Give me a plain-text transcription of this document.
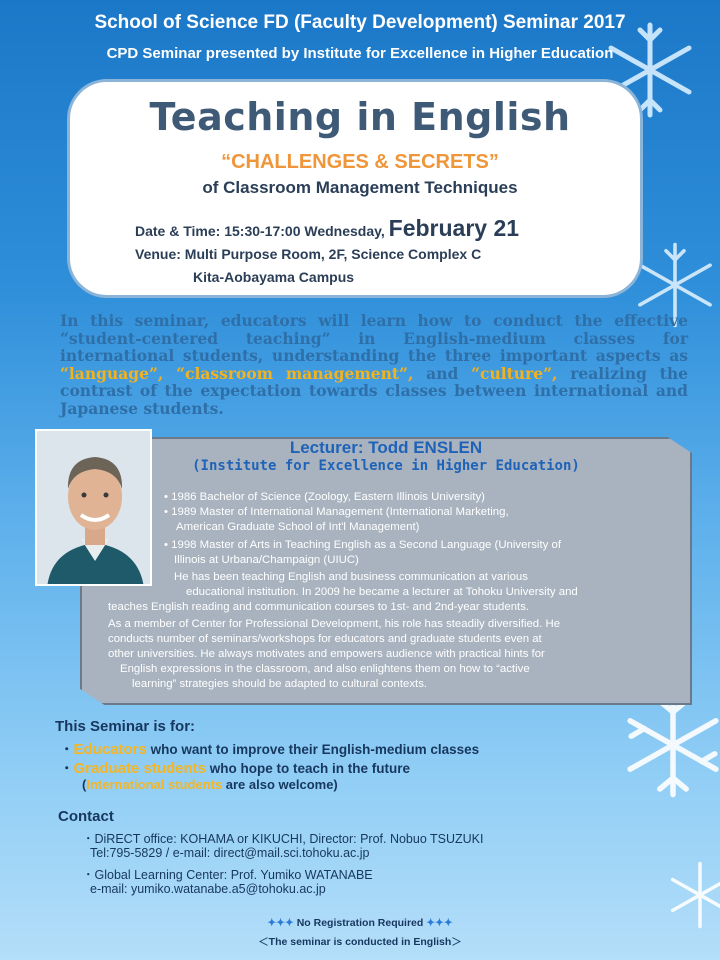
School of Science FD (Faculty Development) Seminar 2017
CPD Seminar presented by Institute for Excellence in Higher Education
Teaching in English
“CHALLENGES & SECRETS”
of Classroom Management Techniques
Date & Time: 15:30-17:00 Wednesday, February 21
Venue: Multi Purpose Room, 2F, Science Complex C
Kita-Aobayama Campus
In this seminar, educators will learn how to conduct the effective “student-centered teaching” in English-medium classes for international students, understanding the three important aspects as “language”, “classroom management”, and “culture”, realizing the contrast of the expectation towards classes between international and Japanese students.
Lecturer: Todd ENSLEN
(Institute for Excellence in Higher Education)
• 1986 Bachelor of Science (Zoology, Eastern Illinois University)
• 1989 Master of International Management (International Marketing,
American Graduate School of Int'l Management)
• 1998 Master of Arts in Teaching English as a Second Language (University of
Illinois at Urbana/Champaign (UIUC)
He has been teaching English and business communication at various
educational institution. In 2009 he became a lecturer at Tohoku University and
teaches English reading and communication courses to 1st- and 2nd-year students.
As a member of Center for Professional Development, his role has steadily diversified. He
conducts number of seminars/workshops for educators and graduate students even at
other universities. He always motivates and empowers audience with practical hints for
English expressions in the classroom, and also enlightens them on how to “active
learning” strategies should be adapted to cultural contexts.
This Seminar is for:
・Educators who want to improve their English-medium classes
・Graduate students who hope to teach in the future
(International students are also welcome)
Contact
・DiRECT office: KOHAMA or KIKUCHI, Director: Prof. Nobuo TSUZUKI
Tel:795-5829 / e-mail: direct@mail.sci.tohoku.ac.jp
・Global Learning Center: Prof. Yumiko WATANABE
e-mail: yumiko.watanabe.a5@tohoku.ac.jp
✦✦✦ No Registration Required ✦✦✦
＜The seminar is conducted in English＞
